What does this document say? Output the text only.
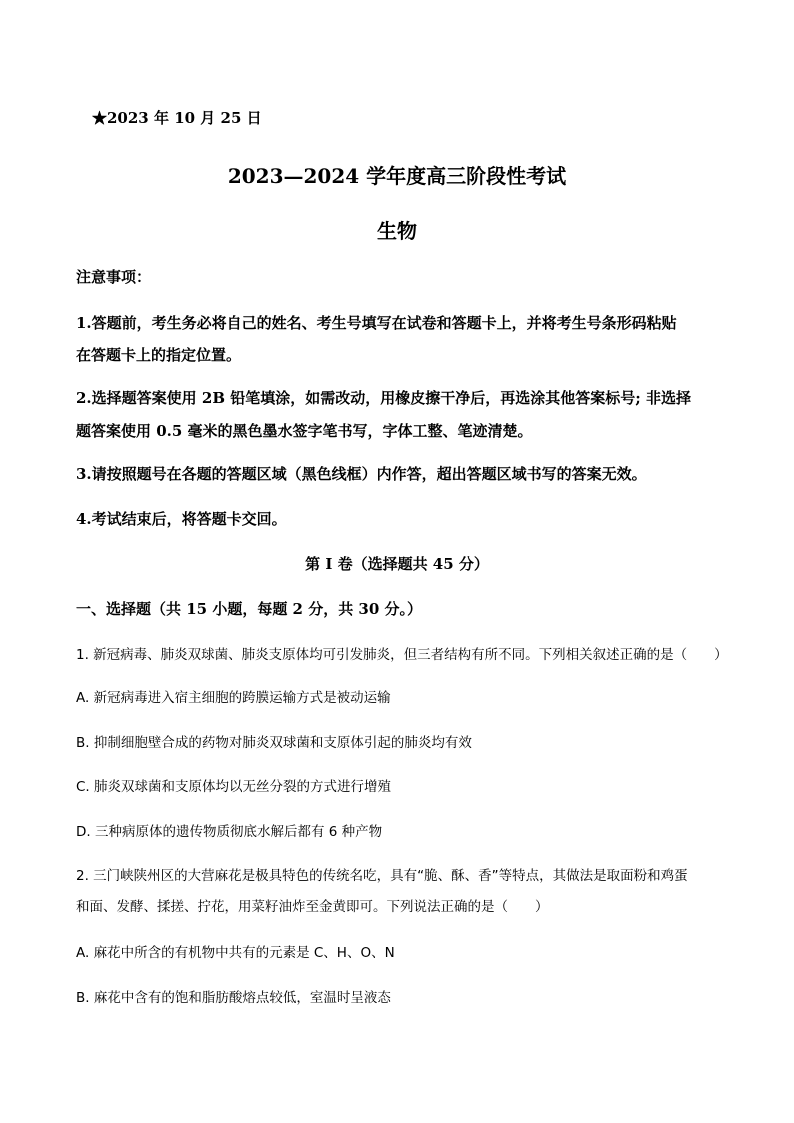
★2023 年 10 月 25 日
2023—2024 学年度高三阶段性考试
生物
注意事项：
1.答题前，考生务必将自己的姓名、考生号填写在试卷和答题卡上，并将考生号条形码粘贴
在答题卡上的指定位置。
2.选择题答案使用 2B 铅笔填涂，如需改动，用橡皮擦干净后，再选涂其他答案标号; 非选择
题答案使用 0.5 毫米的黑色墨水签字笔书写，字体工整、笔迹清楚。
3.请按照题号在各题的答题区域（黑色线框）内作答，超出答题区域书写的答案无效。
4.考试结束后，将答题卡交回。
第 I 卷（选择题共 45 分）
一、选择题（共 15 小题，每题 2 分，共 30 分。）
1. 新冠病毒、肺炎双球菌、肺炎支原体均可引发肺炎，但三者结构有所不同。下列相关叙述正确的是（　　）
A. 新冠病毒进入宿主细胞的跨膜运输方式是被动运输
B. 抑制细胞壁合成的药物对肺炎双球菌和支原体引起的肺炎均有效
C. 肺炎双球菌和支原体均以无丝分裂的方式进行增殖
D. 三种病原体的遗传物质彻底水解后都有 6 种产物
2. 三门峡陕州区的大营麻花是极具特色的传统名吃，具有“脆、酥、香”等特点，其做法是取面粉和鸡蛋
和面、发酵、揉搓、拧花，用菜籽油炸至金黄即可。下列说法正确的是（　　）
A. 麻花中所含的有机物中共有的元素是 C、H、O、N
B. 麻花中含有的饱和脂肪酸熔点较低，室温时呈液态
